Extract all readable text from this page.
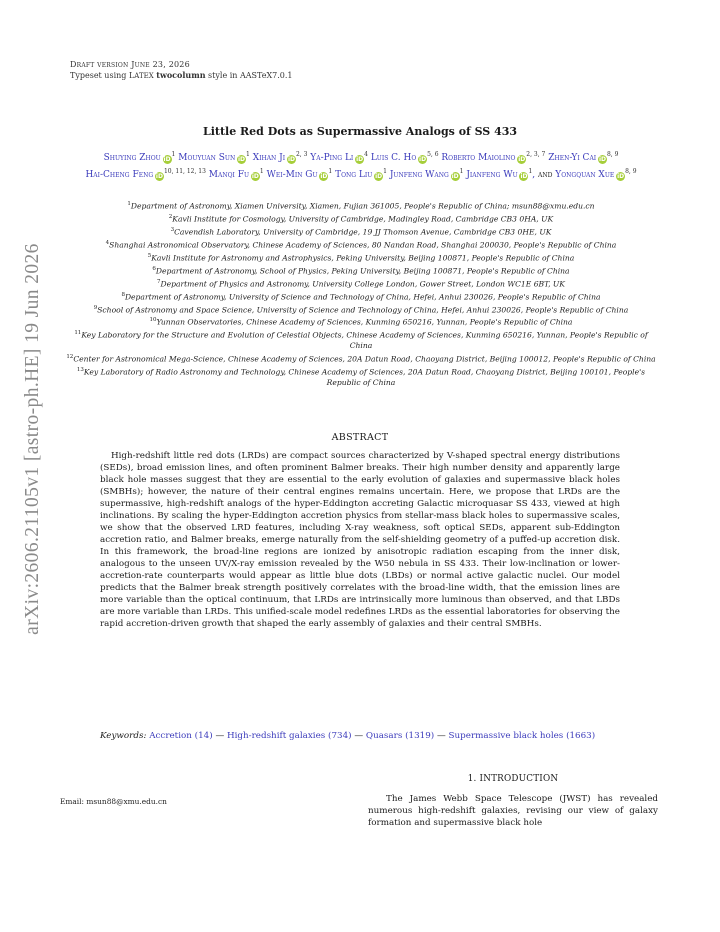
Draft version June 23, 2026
Typeset using LATEX twocolumn style in AASTeX7.0.1
arXiv:2606.21105v1 [astro-ph.HE] 19 Jun 2026
Little Red Dots as Supermassive Analogs of SS 433
Shuying Zhou  $iD^1$ Mouyuan Sun  $iD^1$ Xihan Ji  iD$^{2, 3}$ Ya-Ping Li  $iD^4$ Luis C. Ho  iD$^{5, 6}$ Roberto Maiolino  iD$^{2, 3, 7}$ Zhen-Yi Cai  iD$^{8, 9}$ Hai-Cheng Feng  iD$^{10, 11, 12, 13}$ Manqi Fu  $iD^1$ Wei-Min Gu  $iD^1$ Tong Liu  $iD^1$ Junfeng Wang  $iD^1$ Jianfeng Wu  $iD^1$, and Yongquan Xue  iD$^{8, 9}$
$^1$Department of Astronomy, Xiamen University, Xiamen, Fujian 361005, People's Republic of China; msun88@xmu.edu.cn
$^2$Kavli Institute for Cosmology, University of Cambridge, Madingley Road, Cambridge CB3 0HA, UK
$^3$Cavendish Laboratory, University of Cambridge, 19 JJ Thomson Avenue, Cambridge CB3 0HE, UK
$^4$Shanghai Astronomical Observatory, Chinese Academy of Sciences, 80 Nandan Road, Shanghai 200030, People's Republic of China
$^5$Kavli Institute for Astronomy and Astrophysics, Peking University, Beijing 100871, People's Republic of China
$^6$Department of Astronomy, School of Physics, Peking University, Beijing 100871, People's Republic of China
$^7$Department of Physics and Astronomy, University College London, Gower Street, London WC1E 6BT, UK
$^8$Department of Astronomy, University of Science and Technology of China, Hefei, Anhui 230026, People's Republic of China
$^9$School of Astronomy and Space Science, University of Science and Technology of China, Hefei, Anhui 230026, People's Republic of China
$^{10}$Yunnan Observatories, Chinese Academy of Sciences, Kunming 650216, Yunnan, People's Republic of China
$^{11}$Key Laboratory for the Structure and Evolution of Celestial Objects, Chinese Academy of Sciences, Kunming 650216, Yunnan, People's Republic of China
$^{12}$Center for Astronomical Mega-Science, Chinese Academy of Sciences, 20A Datun Road, Chaoyang District, Beijing 100012, People's Republic of China
$^{13}$Key Laboratory of Radio Astronomy and Technology, Chinese Academy of Sciences, 20A Datun Road, Chaoyang District, Beijing 100101, People's Republic of China
ABSTRACT
High-redshift little red dots (LRDs) are compact sources characterized by V-shaped spectral energy distributions (SEDs), broad emission lines, and often prominent Balmer breaks. Their high number density and apparently large black hole masses suggest that they are essential to the early evolution of galaxies and supermassive black holes (SMBHs); however, the nature of their central engines remains uncertain. Here, we propose that LRDs are the supermassive, high-redshift analogs of the hyper-Eddington accreting Galactic microquasar SS 433, viewed at high inclinations. By scaling the hyper-Eddington accretion physics from stellar-mass black holes to supermassive scales, we show that the observed LRD features, including X-ray weakness, soft optical SEDs, apparent sub-Eddington accretion ratio, and Balmer breaks, emerge naturally from the self-shielding geometry of a puffed-up accretion disk. In this framework, the broad-line regions are ionized by anisotropic radiation escaping from the inner disk, analogous to the unseen UV/X-ray emission revealed by the W50 nebula in SS 433. Their low-inclination or lower-accretion-rate counterparts would appear as little blue dots (LBDs) or normal active galactic nuclei. Our model predicts that the Balmer break strength positively correlates with the broad-line width, that the emission lines are more variable than the optical continuum, that LRDs are intrinsically more luminous than observed, and that LBDs are more variable than LRDs. This unified-scale model redefines LRDs as the essential laboratories for observing the rapid accretion-driven growth that shaped the early assembly of galaxies and their central SMBHs.
Keywords: Accretion (14) — High-redshift galaxies (734) — Quasars (1319) — Supermassive black holes (1663)
Email: msun88@xmu.edu.cn
1. INTRODUCTION
The James Webb Space Telescope (JWST) has revealed numerous high-redshift galaxies, revising our view of galaxy formation and supermassive black hole
